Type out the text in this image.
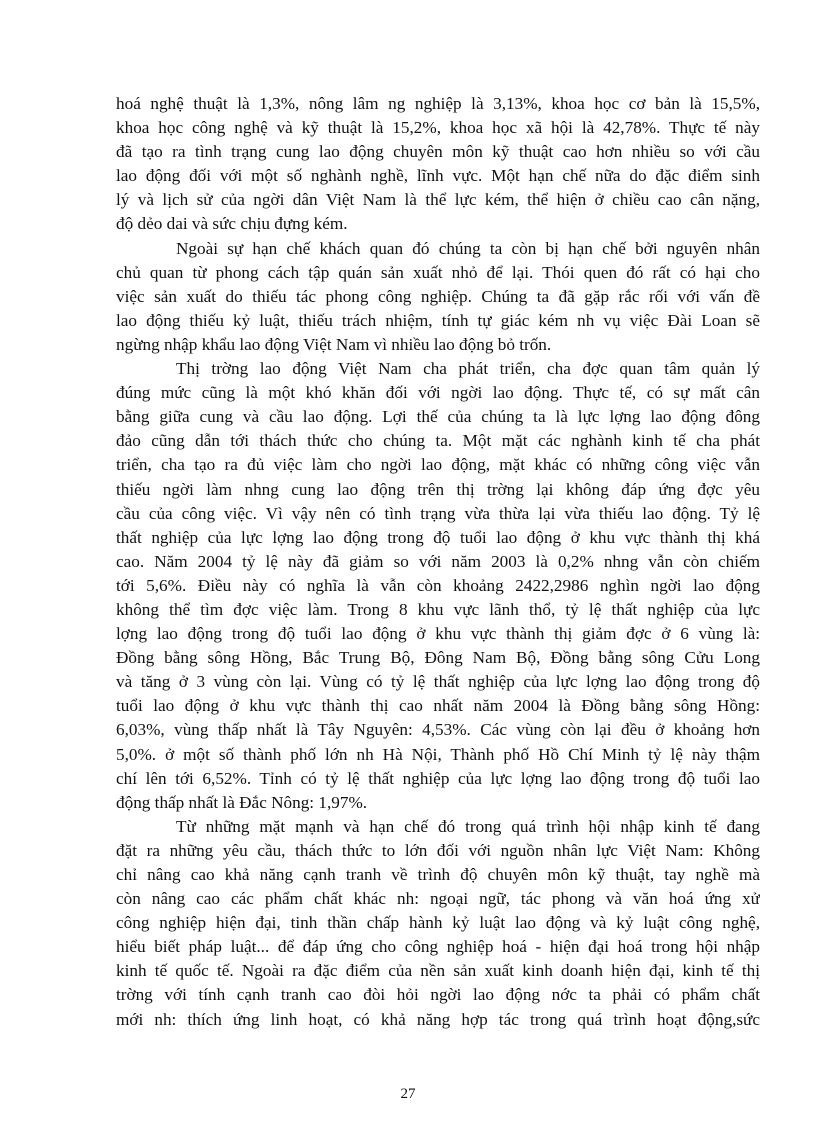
hoá nghệ thuật là 1,3%, nông lâm ng nghiệp là 3,13%, khoa học cơ bản là 15,5%,
khoa học công nghệ và kỹ thuật là 15,2%, khoa học xã hội là 42,78%. Thực tế này
đã tạo ra tình trạng cung lao động chuyên môn kỹ thuật cao hơn nhiều so với cầu
lao động đối với một số nghành nghề, lĩnh vực. Một hạn chế nữa do đặc điểm sinh
lý và lịch sử của ngời dân Việt Nam là thể lực kém, thể hiện ở chiều cao cân nặng,
độ dẻo dai và sức chịu đựng kém.
Ngoài sự hạn chế khách quan đó chúng ta còn bị hạn chế bởi nguyên nhân
chủ quan từ phong cách tập quán sản xuất nhỏ để lại. Thói quen đó rất có hại cho
việc sản xuất do thiếu tác phong công nghiệp. Chúng ta đã gặp rắc rối với vấn đề
lao động thiếu kỷ luật, thiếu trách nhiệm, tính tự giác kém nh vụ việc Đài Loan sẽ
ngừng nhập khẩu lao động Việt Nam vì nhiều lao động bỏ trốn.
Thị trờng lao động Việt Nam cha phát triển, cha đợc quan tâm quản lý
đúng mức cũng là một khó khăn đối với ngời lao động. Thực tế, có sự mất cân
bằng giữa cung và cầu lao động. Lợi thế của chúng ta là lực lợng lao động đông
đảo cũng dẫn tới thách thức cho chúng ta. Một mặt các nghành kinh tế cha phát
triển, cha tạo ra đủ việc làm cho ngời lao động, mặt khác có những công việc vẫn
thiếu ngời làm nhng cung lao động trên thị trờng lại không đáp ứng đợc yêu
cầu của công việc. Vì vậy nên có tình trạng vừa thừa lại vừa thiếu lao động. Tỷ lệ
thất nghiệp của lực lợng lao động trong độ tuổi lao động ở khu vực thành thị khá
cao. Năm 2004 tỷ lệ này đã giảm so với năm 2003 là 0,2% nhng vẫn còn chiếm
tới 5,6%. Điều này có nghĩa là vẫn còn khoảng 2422,2986 nghìn ngời lao động
không thể tìm đợc việc làm. Trong 8 khu vực lãnh thổ, tỷ lệ thất nghiệp của lực
lợng lao động trong độ tuổi lao động ở khu vực thành thị giảm đợc ở 6 vùng là:
Đồng bằng sông Hồng, Bắc Trung Bộ, Đông Nam Bộ, Đồng bằng sông Cửu Long
và tăng ở 3 vùng còn lại. Vùng có tỷ lệ thất nghiệp của lực lợng lao động trong độ
tuổi lao động ở khu vực thành thị cao nhất năm 2004 là Đồng bằng sông Hồng:
6,03%, vùng thấp nhất là Tây Nguyên: 4,53%. Các vùng còn lại đều ở khoảng hơn
5,0%. ở một số thành phố lớn nh Hà Nội, Thành phố Hồ Chí Minh tỷ lệ này thậm
chí lên tới 6,52%. Tỉnh có tỷ lệ thất nghiệp của lực lợng lao động trong độ tuổi lao
động thấp nhất là Đắc Nông: 1,97%.
Từ những mặt mạnh và hạn chế đó trong quá trình hội nhập kinh tế đang
đặt ra những yêu cầu, thách thức to lớn đối với nguồn nhân lực Việt Nam: Không
chỉ nâng cao khả năng cạnh tranh về trình độ chuyên môn kỹ thuật, tay nghề mà
còn nâng cao các phẩm chất khác nh: ngoại ngữ, tác phong và văn hoá ứng xử
công nghiệp hiện đại, tinh thần chấp hành kỷ luật lao động và kỷ luật công nghệ,
hiểu biết pháp luật... để đáp ứng cho công nghiệp hoá - hiện đại hoá trong hội nhập
kinh tế quốc tế. Ngoài ra đặc điểm của nền sản xuất kinh doanh hiện đại, kinh tế thị
trờng với tính cạnh tranh cao đòi hỏi ngời lao động nớc ta phải có phẩm chất
mới nh: thích ứng linh hoạt, có khả năng hợp tác trong quá trình hoạt động,sức
27
